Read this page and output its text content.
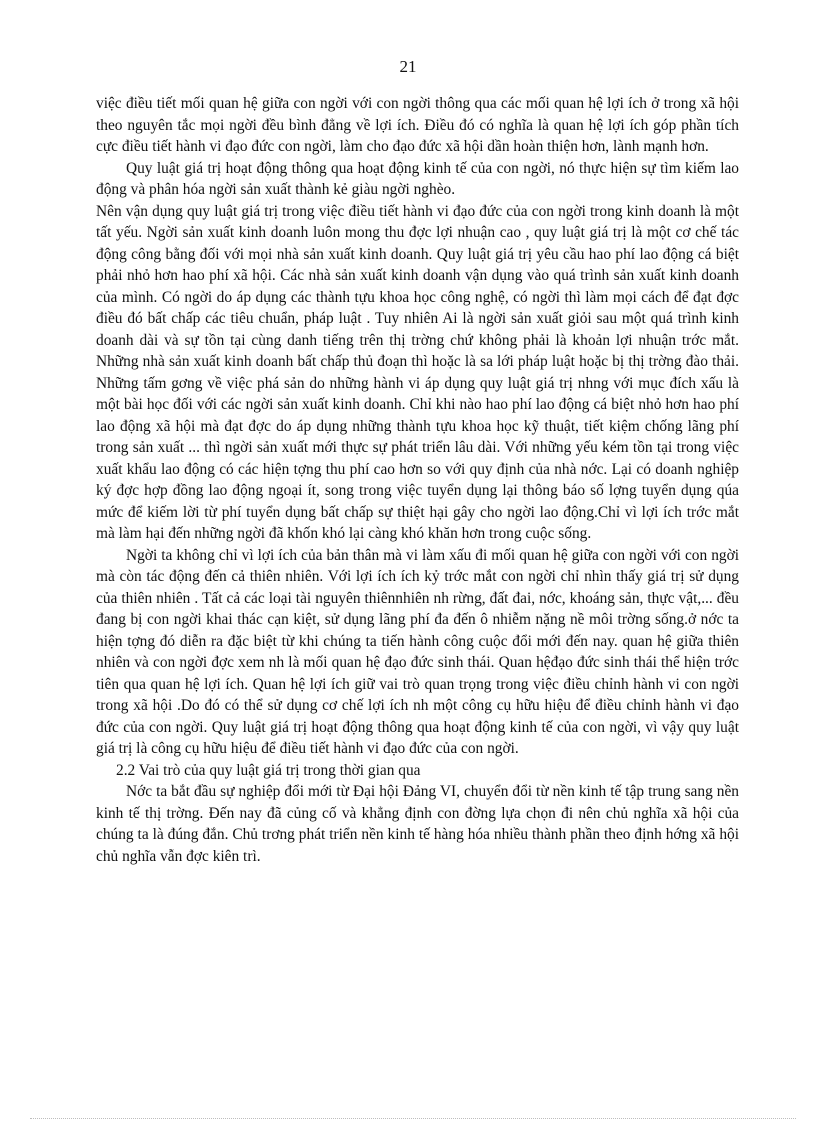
21

việc điều tiết mối quan hệ giữa con ngời với con ngời thông qua các mối quan hệ lợi ích ở trong xã hội theo nguyên tắc mọi ngời đều bình đẳng về lợi ích. Điều đó có nghĩa là quan hệ lợi ích góp phần tích cực điều tiết hành vi đạo đức con ngời, làm cho đạo đức xã hội dần hoàn thiện hơn, lành mạnh hơn.

Quy luật giá trị hoạt động thông qua hoạt động kinh tế của con ngời, nó thực hiện sự tìm kiếm lao động và phân hóa ngời sản xuất thành kẻ giàu ngời nghèo.

Nên vận dụng quy luật giá trị trong việc điều tiết hành vi đạo đức của con ngời trong kinh doanh là một tất yếu. Ngời sản xuất kinh doanh luôn mong thu đợc lợi nhuận cao , quy luật giá trị là một cơ chế tác động công bằng đối với mọi nhà sản xuất kinh doanh. Quy luật giá trị yêu cầu hao phí lao động cá biệt phải nhỏ hơn hao phí xã hội. Các nhà sản xuất kinh doanh vận dụng vào quá trình sản xuất kinh doanh của mình. Có ngời do áp dụng các thành tựu khoa học công nghệ, có ngời thì làm mọi cách để đạt đợc điều đó bất chấp các tiêu chuẩn, pháp luật . Tuy nhiên Ai là ngời sản xuất giỏi sau một quá trình kinh doanh dài và sự tồn tại cùng danh tiếng trên thị trờng chứ không phải là khoản lợi nhuận trớc mắt. Những nhà sản xuất kinh doanh bất chấp thủ đoạn thì hoặc là sa lới pháp luật hoặc bị thị trờng đào thải. Những tấm gơng về việc phá sản do những hành vi áp dụng quy luật giá trị nhng với mục đích xấu là một bài học đối với các ngời sản xuất kinh doanh. Chỉ khi nào hao phí lao động cá biệt nhỏ hơn hao phí lao động xã hội mà đạt đợc do áp dụng những thành tựu khoa học kỹ thuật, tiết kiệm chống lãng phí trong sản xuất ... thì ngời sản xuất mới thực sự phát triển lâu dài. Với những yếu kém tồn tại trong việc xuất khẩu lao động có các hiện tợng thu phí cao hơn so với quy định của nhà nớc. Lại có doanh nghiệp ký đợc hợp đồng lao động ngoại ít, song trong việc tuyển dụng lại thông báo số lợng tuyển dụng qúa mức để kiếm lời từ phí tuyển dụng bất chấp sự thiệt hại gây cho ngời lao động.Chỉ vì lợi ích trớc mắt mà làm hại đến những ngời đã khốn khó lại càng khó khăn hơn trong cuộc sống.

Ngời ta không chỉ vì lợi ích của bản thân mà vi làm xấu đi mối quan hệ giữa con ngời với con ngời mà còn tác động đến cả thiên nhiên. Với lợi ích ích kỷ trớc mắt con ngời chỉ nhìn thấy giá trị sử dụng của thiên nhiên . Tất cả các loại tài nguyên thiênnhiên nh rừng, đất đai, nớc, khoáng sản, thực vật,... đều đang bị con ngời khai thác cạn kiệt, sử dụng lãng phí đa đến ô nhiễm nặng nề môi trờng sống.ở nớc ta hiện tợng đó diễn ra đặc biệt từ khi chúng ta tiến hành công cuộc đổi mới đến nay. quan hệ giữa thiên nhiên và con ngời đợc xem nh là mối quan hệ đạo đức sinh thái. Quan hệđạo đức sinh thái thể hiện trớc tiên qua quan hệ lợi ích. Quan hệ lợi ích giữ vai trò quan trọng trong việc điều chỉnh hành vi con ngời trong xã hội .Do đó có thể sử dụng cơ chế lợi ích nh một công cụ hữu hiệu để điều chỉnh hành vi đạo đức của con ngời. Quy luật giá trị hoạt động thông qua hoạt động kinh tế của con ngời, vì vậy quy luật giá trị là công cụ hữu hiệu để điều tiết hành vi đạo đức của con ngời.

2.2 Vai trò của quy luật giá trị trong thời gian qua

Nớc ta bắt đầu sự nghiệp đổi mới từ Đại hội Đảng VI, chuyển đổi từ nền kinh tế tập trung sang nền kinh tế thị trờng. Đến nay đã củng cố và khẳng định con đờng lựa chọn đi nên chủ nghĩa xã hội của chúng ta là đúng đắn. Chủ trơng phát triển nền kinh tế hàng hóa nhiều thành phần theo định hớng xã hội chủ nghĩa vẫn đợc kiên trì.
